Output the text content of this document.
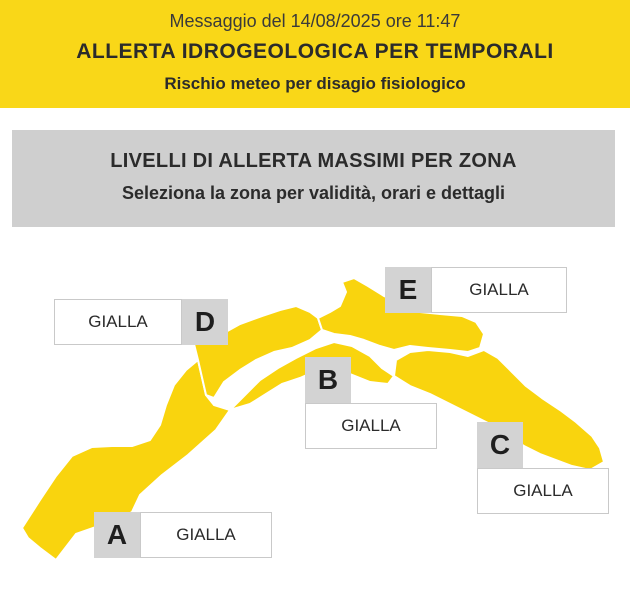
Messaggio del 14/08/2025 ore 11:47
ALLERTA IDROGEOLOGICA PER TEMPORALI
Rischio meteo per disagio fisiologico
LIVELLI DI ALLERTA MASSIMI PER ZONA
Seleziona la zona per validità, orari e dettagli
GIALLA	D
E	GIALLA
B
GIALLA
C
GIALLA
A	GIALLA
